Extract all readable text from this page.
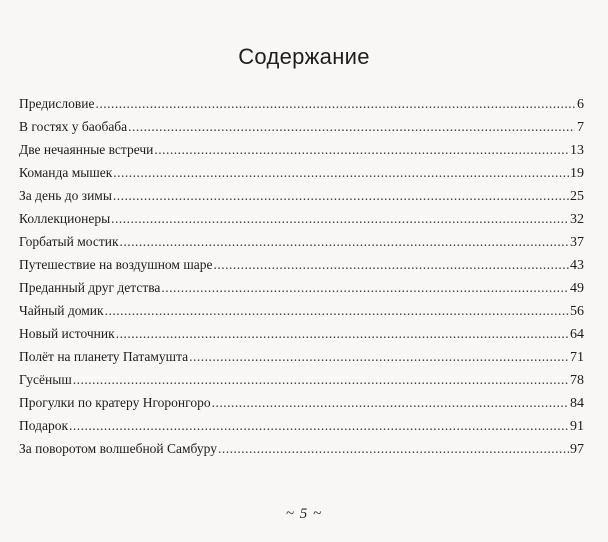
Содержание
Предисловие .....	6
В гостях у баобаба .....	7
Две нечаянные встречи .....	13
Команда мышек .....	19
За день до зимы .....	25
Коллекционеры .....	32
Горбатый мостик .....	37
Путешествие на воздушном шаре .....	43
Преданный друг детства .....	49
Чайный домик .....	56
Новый источник .....	64
Полёт на планету Патамушта .....	71
Гусёныш .....	78
Прогулки по кратеру Нгоронгоро .....	84
Подарок .....	91
За поворотом волшебной Самбуру .....	97
~ 5 ~
